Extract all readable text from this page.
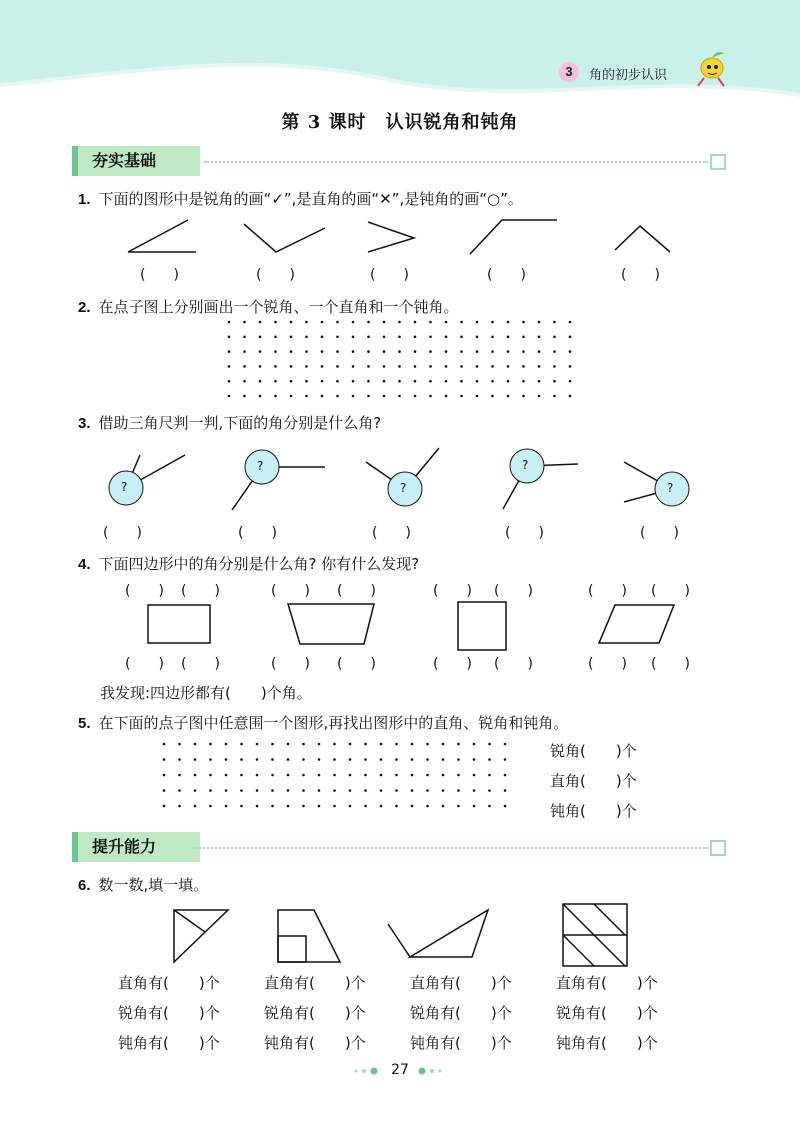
3	角的初步认识
第 3 课时　认识锐角和钝角
夯实基础
1. 下面的图形中是锐角的画“✓”,是直角的画“✕”,是钝角的画“○”。
(　　)	(　　)	(　　)	(　　)	(　　)
2. 在点子图上分别画出一个锐角、一个直角和一个钝角。
3. 借助三角尺判一判,下面的角分别是什么角?
?
?
?
?
?
(　　)	(　　)	(　　)	(　　)	(　　)
4. 下面四边形中的角分别是什么角? 你有什么发现?
(　　) (　　)	(　　) (　　)	(　　) (　　)	(　　) (　　)
(　　) (　　)	(　　) (　　)	(　　) (　　)	(　　) (　　)
我发现:四边形都有(　　)个角。
5. 在下面的点子图中任意围一个图形,再找出图形中的直角、锐角和钝角。
锐角(　　)个
直角(　　)个
钝角(　　)个
提升能力
6. 数一数,填一填。
直角有(　　)个
锐角有(　　)个
钝角有(　　)个
直角有(　　)个
锐角有(　　)个
钝角有(　　)个
直角有(　　)个
锐角有(　　)个
钝角有(　　)个
直角有(　　)个
锐角有(　　)个
钝角有(　　)个
27
